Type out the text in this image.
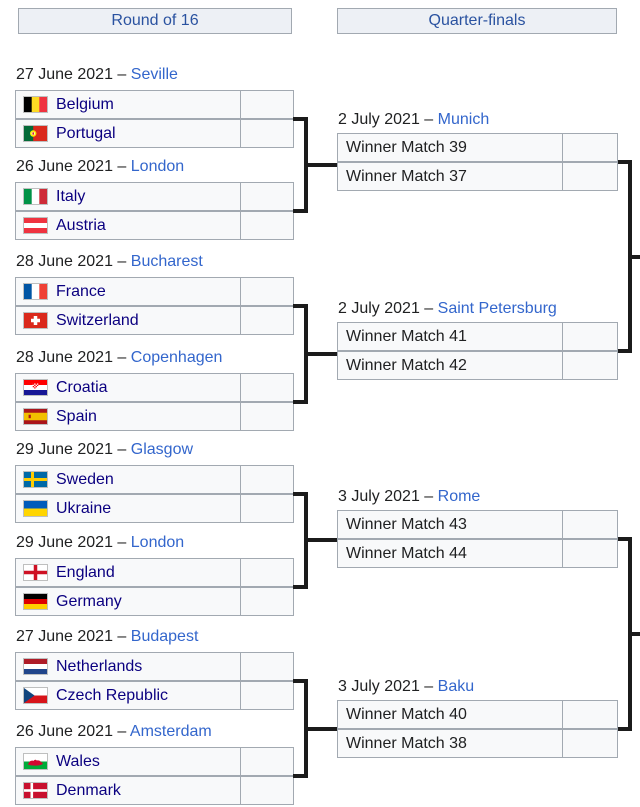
Round of 16	Quarter-finals
27 June 2021 – Seville
Belgium
Portugal
26 June 2021 – London
Italy
Austria
28 June 2021 – Bucharest
France
Switzerland
28 June 2021 – Copenhagen
Croatia
Spain
29 June 2021 – Glasgow
Sweden
Ukraine
29 June 2021 – London
England
Germany
27 June 2021 – Budapest
Netherlands
Czech Republic
26 June 2021 – Amsterdam
Wales
Denmark
2 July 2021 – Munich
Winner Match 39
Winner Match 37
2 July 2021 – Saint Petersburg
Winner Match 41
Winner Match 42
3 July 2021 – Rome
Winner Match 43
Winner Match 44
3 July 2021 – Baku
Winner Match 40
Winner Match 38
